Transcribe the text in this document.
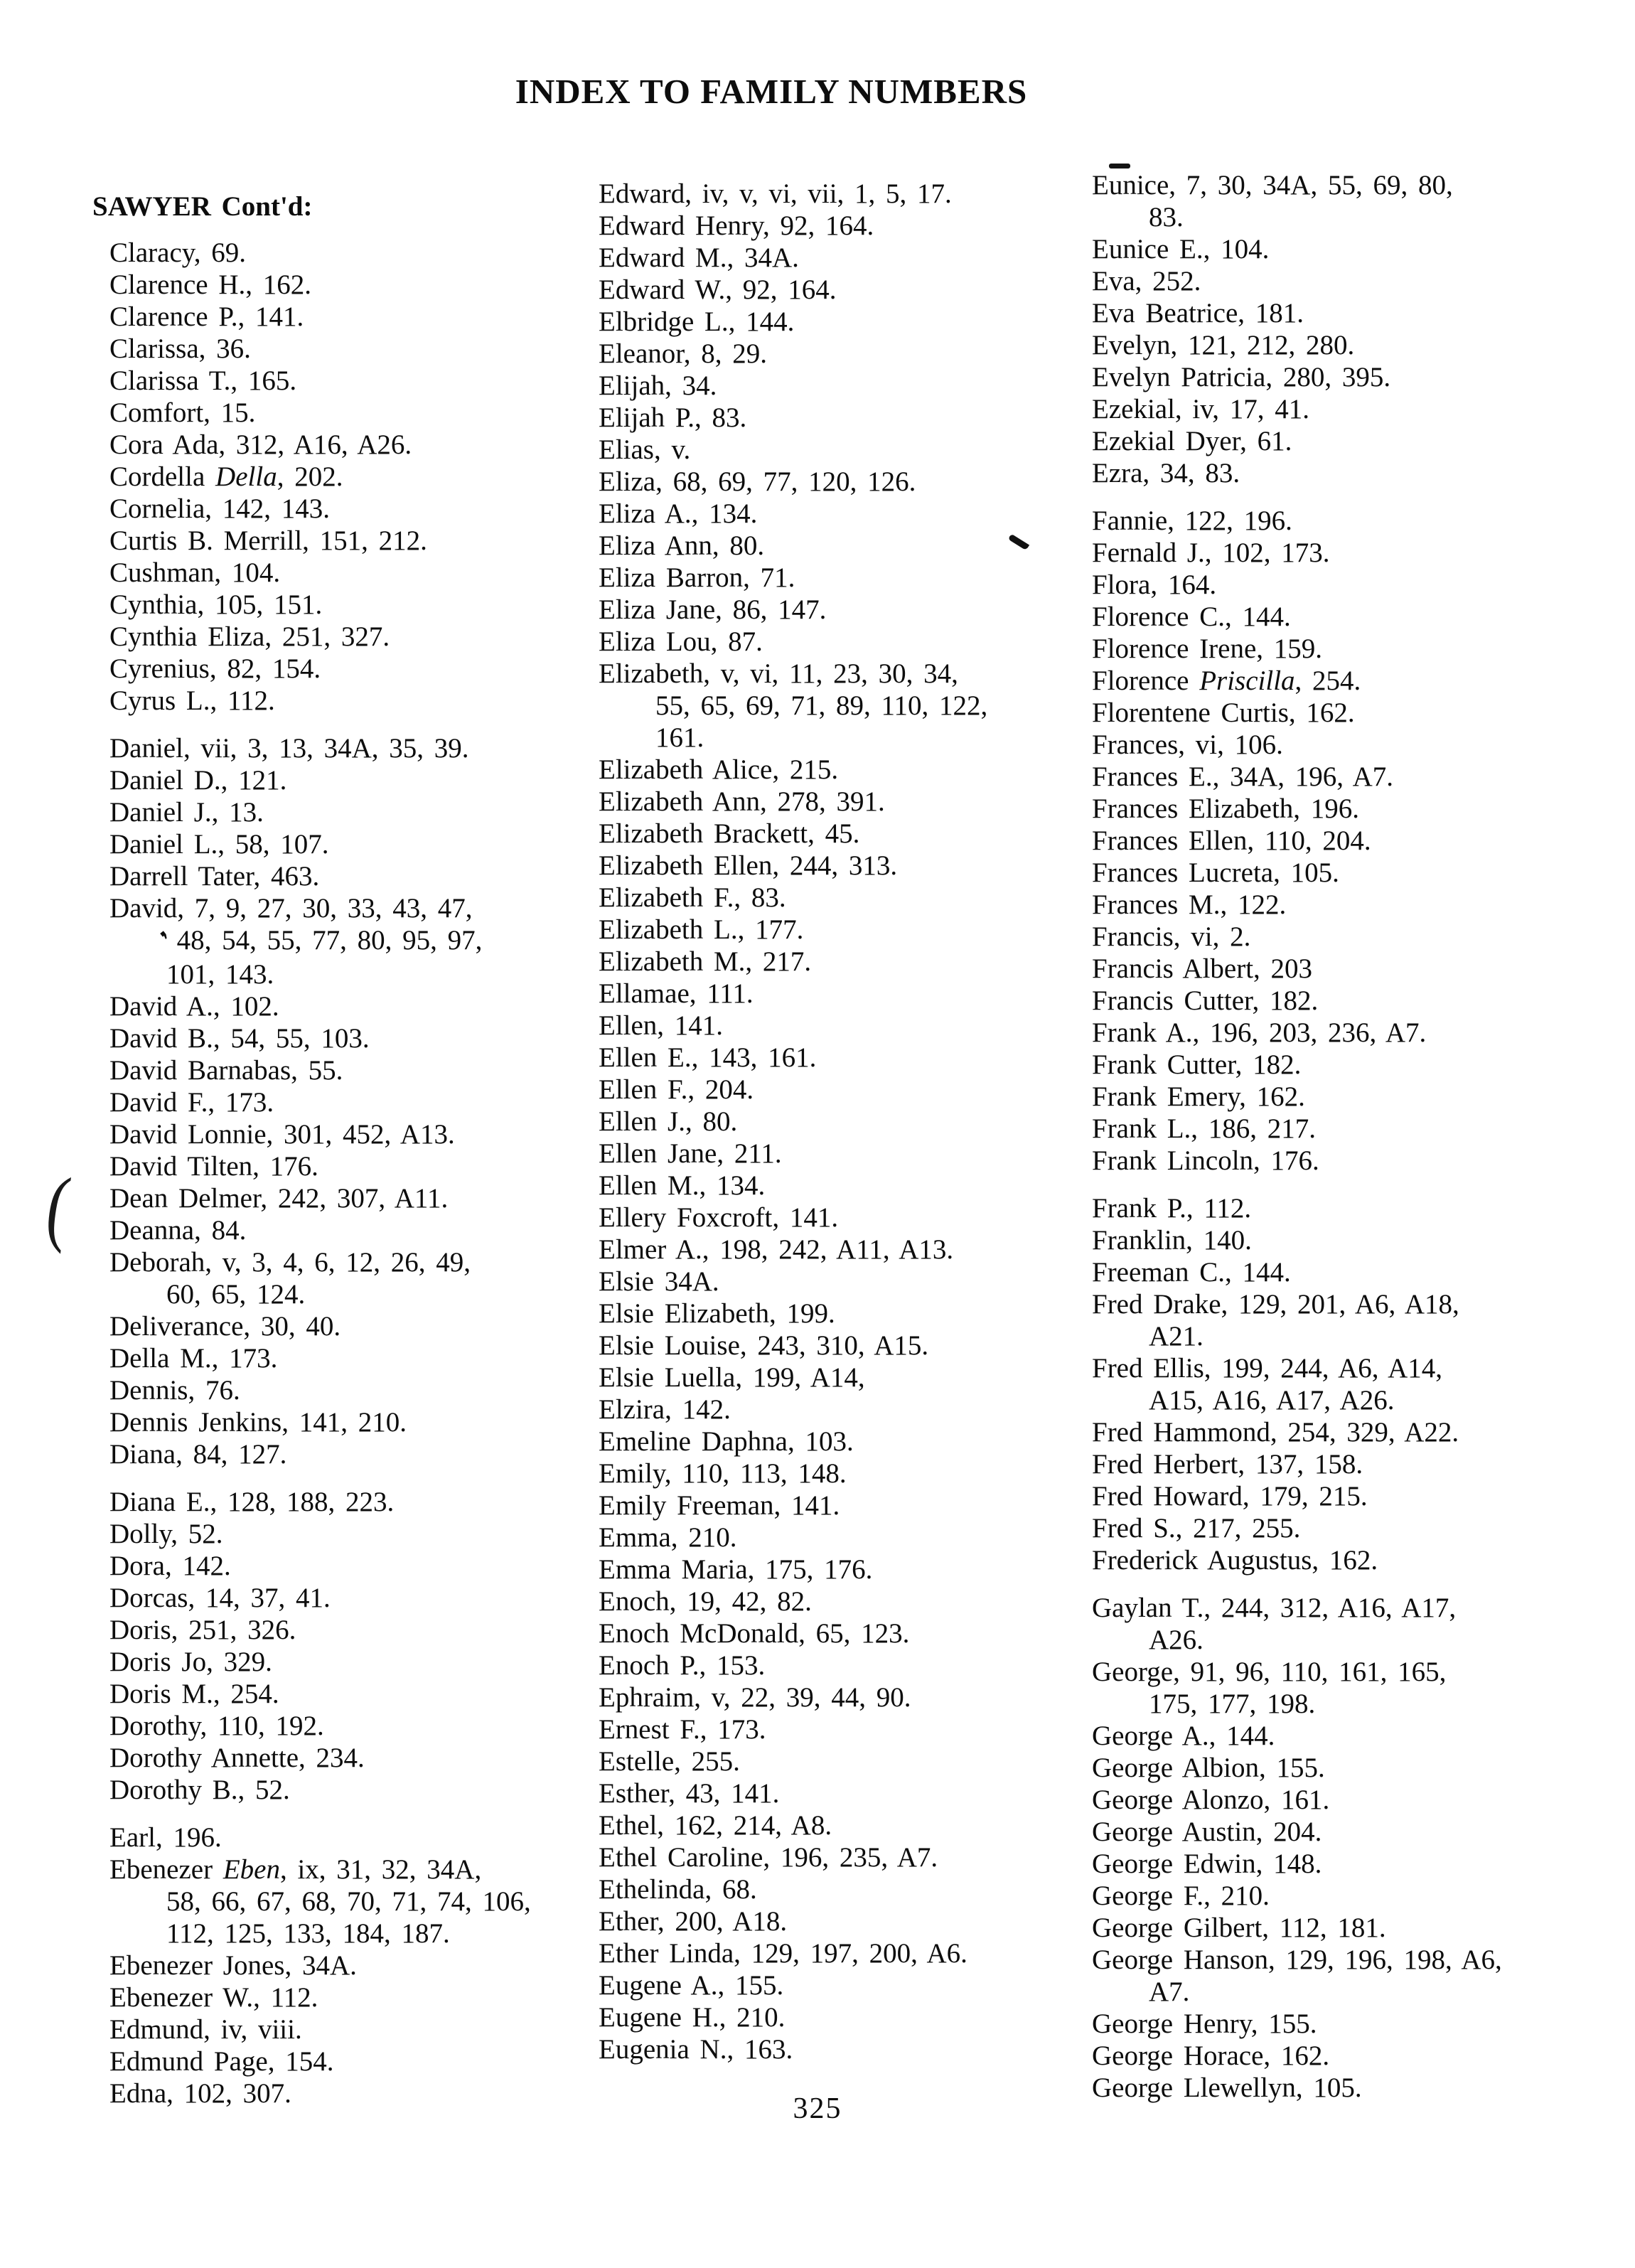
INDEX TO FAMILY NUMBERS
SAWYER Cont'd:
Claracy, 69.
Clarence H., 162.
Clarence P., 141.
Clarissa, 36.
Clarissa T., 165.
Comfort, 15.
Cora Ada, 312, A16, A26.
Cordella Della, 202.
Cornelia, 142, 143.
Curtis B. Merrill, 151, 212.
Cushman, 104.
Cynthia, 105, 151.
Cynthia Eliza, 251, 327.
Cyrenius, 82, 154.
Cyrus L., 112.
Daniel, vii, 3, 13, 34A, 35, 39.
Daniel D., 121.
Daniel J., 13.
Daniel L., 58, 107.
Darrell Tater, 463.
David, 7, 9, 27, 30, 33, 43, 47,
❜48, 54, 55, 77, 80, 95, 97,
101, 143.
David A., 102.
David B., 54, 55, 103.
David Barnabas, 55.
David F., 173.
David Lonnie, 301, 452, A13.
David Tilten, 176.
Dean Delmer, 242, 307, A11.
Deanna, 84.
Deborah, v, 3, 4, 6, 12, 26, 49,
60, 65, 124.
Deliverance, 30, 40.
Della M., 173.
Dennis, 76.
Dennis Jenkins, 141, 210.
Diana, 84, 127.
Diana E., 128, 188, 223.
Dolly, 52.
Dora, 142.
Dorcas, 14, 37, 41.
Doris, 251, 326.
Doris Jo, 329.
Doris M., 254.
Dorothy, 110, 192.
Dorothy Annette, 234.
Dorothy B., 52.
Earl, 196.
Ebenezer Eben, ix, 31, 32, 34A,
58, 66, 67, 68, 70, 71, 74, 106,
112, 125, 133, 184, 187.
Ebenezer Jones, 34A.
Ebenezer W., 112.
Edmund, iv, viii.
Edmund Page, 154.
Edna, 102, 307.
Edward, iv, v, vi, vii, 1, 5, 17.
Edward Henry, 92, 164.
Edward M., 34A.
Edward W., 92, 164.
Elbridge L., 144.
Eleanor, 8, 29.
Elijah, 34.
Elijah P., 83.
Elias, v.
Eliza, 68, 69, 77, 120, 126.
Eliza A., 134.
Eliza Ann, 80.
Eliza Barron, 71.
Eliza Jane, 86, 147.
Eliza Lou, 87.
Elizabeth, v, vi, 11, 23, 30, 34,
55, 65, 69, 71, 89, 110, 122,
161.
Elizabeth Alice, 215.
Elizabeth Ann, 278, 391.
Elizabeth Brackett, 45.
Elizabeth Ellen, 244, 313.
Elizabeth F., 83.
Elizabeth L., 177.
Elizabeth M., 217.
Ellamae, 111.
Ellen, 141.
Ellen E., 143, 161.
Ellen F., 204.
Ellen J., 80.
Ellen Jane, 211.
Ellen M., 134.
Ellery Foxcroft, 141.
Elmer A., 198, 242, A11, A13.
Elsie 34A.
Elsie Elizabeth, 199.
Elsie Louise, 243, 310, A15.
Elsie Luella, 199, A14,
Elzira, 142.
Emeline Daphna, 103.
Emily, 110, 113, 148.
Emily Freeman, 141.
Emma, 210.
Emma Maria, 175, 176.
Enoch, 19, 42, 82.
Enoch McDonald, 65, 123.
Enoch P., 153.
Ephraim, v, 22, 39, 44, 90.
Ernest F., 173.
Estelle, 255.
Esther, 43, 141.
Ethel, 162, 214, A8.
Ethel Caroline, 196, 235, A7.
Ethelinda, 68.
Ether, 200, A18.
Ether Linda, 129, 197, 200, A6.
Eugene A., 155.
Eugene H., 210.
Eugenia N., 163.
Eunice, 7, 30, 34A, 55, 69, 80,
83.
Eunice E., 104.
Eva, 252.
Eva Beatrice, 181.
Evelyn, 121, 212, 280.
Evelyn Patricia, 280, 395.
Ezekial, iv, 17, 41.
Ezekial Dyer, 61.
Ezra, 34, 83.
Fannie, 122, 196.
Fernald J., 102, 173.
Flora, 164.
Florence C., 144.
Florence Irene, 159.
Florence Priscilla, 254.
Florentene Curtis, 162.
Frances, vi, 106.
Frances E., 34A, 196, A7.
Frances Elizabeth, 196.
Frances Ellen, 110, 204.
Frances Lucreta, 105.
Frances M., 122.
Francis, vi, 2.
Francis Albert, 203
Francis Cutter, 182.
Frank A., 196, 203, 236, A7.
Frank Cutter, 182.
Frank Emery, 162.
Frank L., 186, 217.
Frank Lincoln, 176.
Frank P., 112.
Franklin, 140.
Freeman C., 144.
Fred Drake, 129, 201, A6, A18,
A21.
Fred Ellis, 199, 244, A6, A14,
A15, A16, A17, A26.
Fred Hammond, 254, 329, A22.
Fred Herbert, 137, 158.
Fred Howard, 179, 215.
Fred S., 217, 255.
Frederick Augustus, 162.
Gaylan T., 244, 312, A16, A17,
A26.
George, 91, 96, 110, 161, 165,
175, 177, 198.
George A., 144.
George Albion, 155.
George Alonzo, 161.
George Austin, 204.
George Edwin, 148.
George F., 210.
George Gilbert, 112, 181.
George Hanson, 129, 196, 198, A6,
A7.
George Henry, 155.
George Horace, 162.
George Llewellyn, 105.
(
325
